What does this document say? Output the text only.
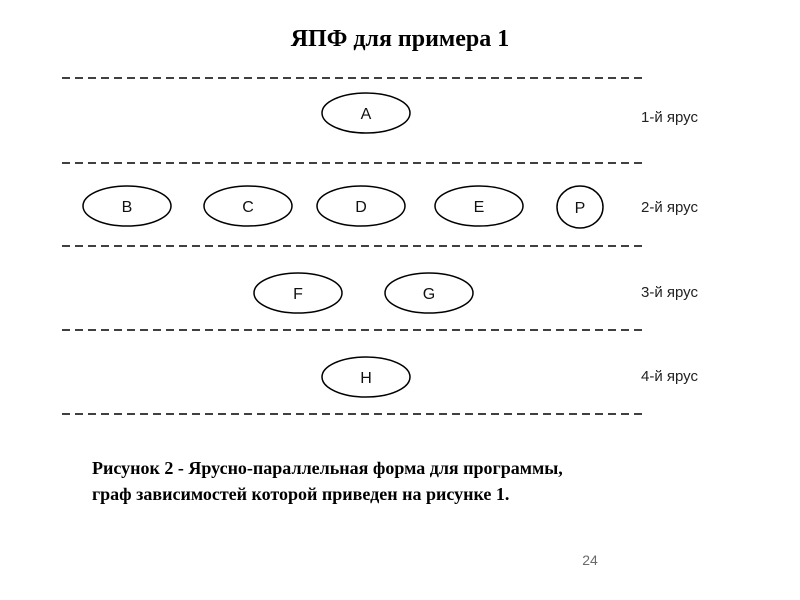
ЯПФ для примера 1
A	1-й ярус
B	C	D	E	P	2-й ярус
F	G	3-й ярус
H	4-й ярус
Рисунок 2 - Ярусно-параллельная форма для программы,
граф зависимостей которой приведен на рисунке 1.
24
